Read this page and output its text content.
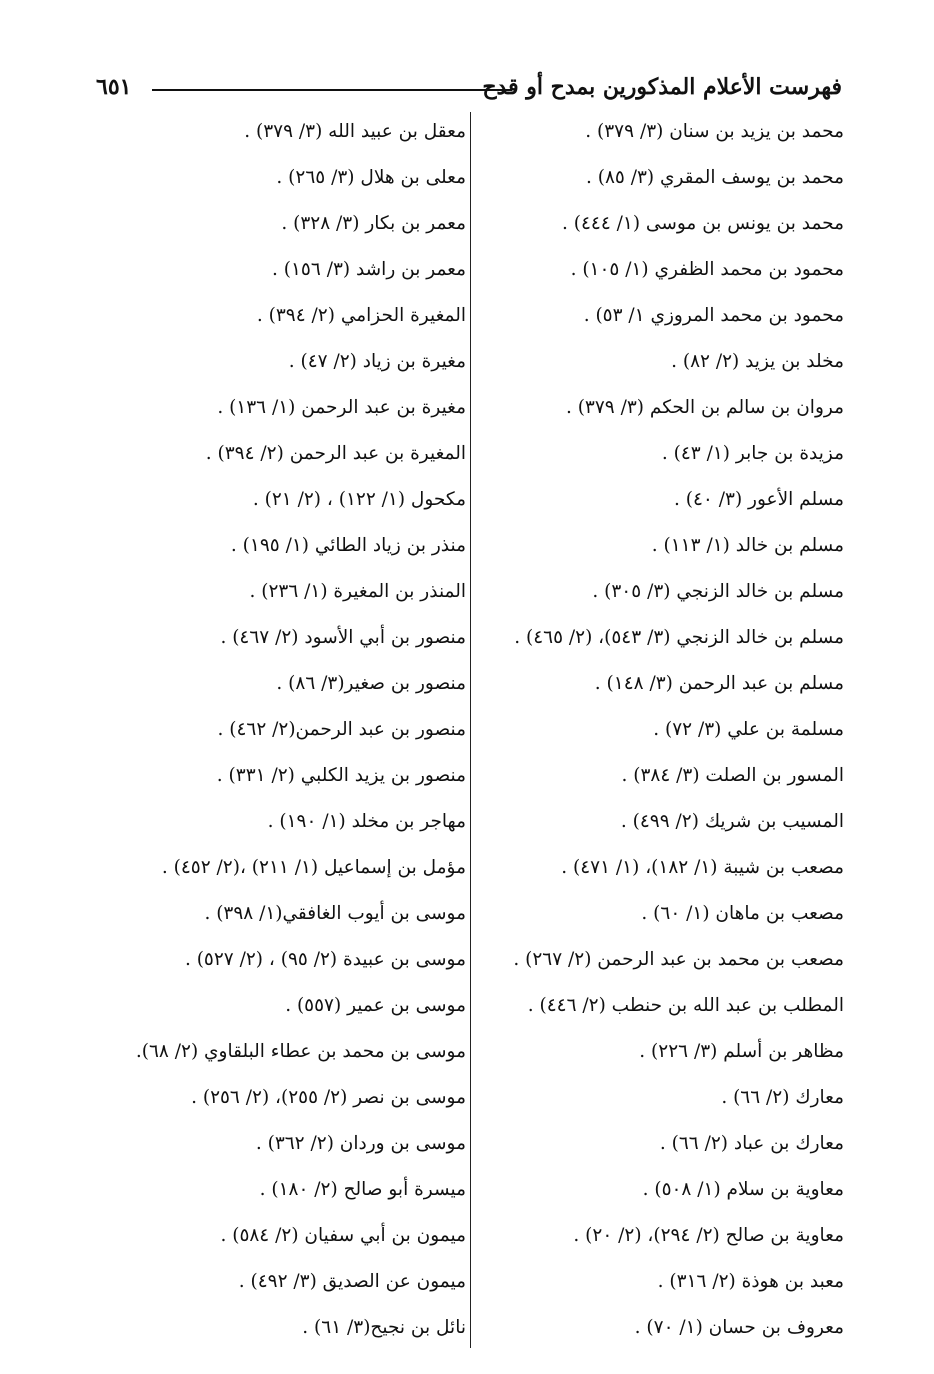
فهرست الأعلام المذكورين بمدح أو قدح
٦٥١
محمد بن يزيد بن سنان (٣/ ٣٧٩) .
محمد بن يوسف المقري (٣/ ٨٥) .
محمد بن يونس بن موسى (١/ ٤٤٤) .
محمود بن محمد الظفري (١/ ١٠٥) .
محمود بن محمد المروزي ١/ ٥٣) .
مخلد بن يزيد (٢/ ٨٢) .
مروان بن سالم بن الحكم (٣/ ٣٧٩) .
مزيدة بن جابر (١/ ٤٣) .
مسلم الأعور (٣/ ٤٠) .
مسلم بن خالد (١/ ١١٣) .
مسلم بن خالد الزنجي (٣/ ٣٠٥) .
مسلم بن خالد الزنجي (٣/ ٥٤٣)، (٢/ ٤٦٥) .
مسلم بن عبد الرحمن (٣/ ١٤٨) .
مسلمة بن علي (٣/ ٧٢) .
المسور بن الصلت (٣/ ٣٨٤) .
المسيب بن شريك (٢/ ٤٩٩) .
مصعب بن شيبة (١/ ١٨٢)، (١/ ٤٧١) .
مصعب بن ماهان (١/ ٦٠) .
مصعب بن محمد بن عبد الرحمن (٢/ ٢٦٧) .
المطلب بن عبد الله بن حنطب (٢/ ٤٤٦) .
مظاهر بن أسلم (٣/ ٢٢٦) .
معارك (٢/ ٦٦) .
معارك بن عباد (٢/ ٦٦) .
معاوية بن سلام (١/ ٥٠٨) .
معاوية بن صالح (٢/ ٢٩٤)، (٢/ ٢٠) .
معبد بن هوذة (٢/ ٣١٦) .
معروف بن حسان (١/ ٧٠) .
معقل بن عبيد الله (٣/ ٣٧٩) .
معلى بن هلال (٣/ ٢٦٥) .
معمر بن بكار (٣/ ٣٢٨) .
معمر بن راشد (٣/ ١٥٦) .
المغيرة الحزامي (٢/ ٣٩٤) .
مغيرة بن زياد (٢/ ٤٧) .
مغيرة بن عبد الرحمن (١/ ١٣٦) .
المغيرة بن عبد الرحمن (٢/ ٣٩٤) .
مكحول (١/ ١٢٢) ، (٢/ ٢١) .
منذر بن زياد الطائي (١/ ١٩٥) .
المنذر بن المغيرة (١/ ٢٣٦) .
منصور بن أبي الأسود (٢/ ٤٦٧) .
منصور بن صغير(٣/ ٨٦) .
منصور بن عبد الرحمن(٢/ ٤٦٢) .
منصور بن يزيد الكلبي (٢/ ٣٣١) .
مهاجر بن مخلد (١/ ١٩٠) .
مؤمل بن إسماعيل (١/ ٢١١) ،(٢/ ٤٥٢) .
موسى بن أيوب الغافقي(١/ ٣٩٨) .
موسى بن عبيدة (٢/ ٩٥) ، (٢/ ٥٢٧) .
موسى بن عمير (٥٥٧) .
موسى بن محمد بن عطاء البلقاوي (٢/ ٦٨).
موسى بن نصر (٢/ ٢٥٥)، (٢/ ٢٥٦) .
موسى بن وردان (٢/ ٣٦٢) .
ميسرة أبو صالح (٢/ ١٨٠) .
ميمون بن أبي سفيان (٢/ ٥٨٤) .
ميمون عن الصديق (٣/ ٤٩٢) .
نائل بن نجيح(٣/ ٦١) .
